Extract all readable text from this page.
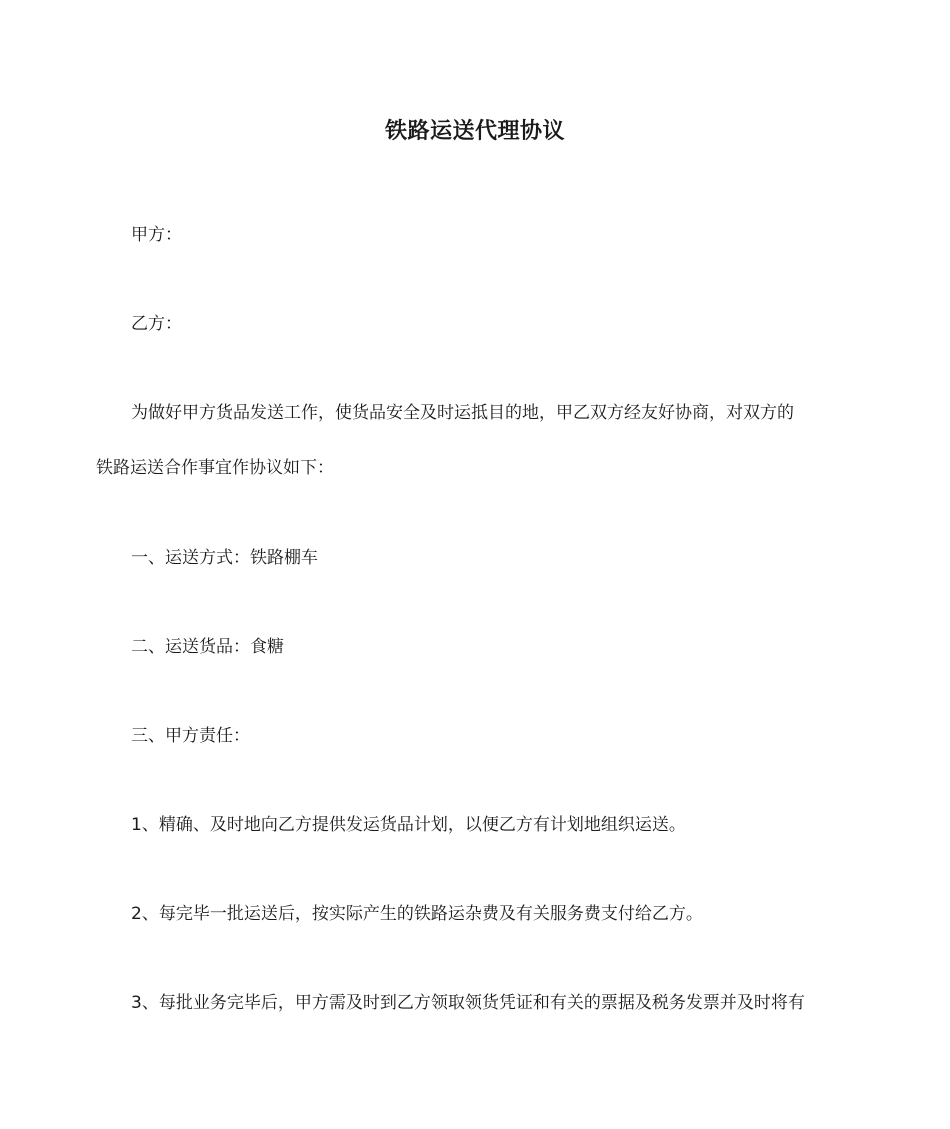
铁路运送代理协议
甲方：
乙方：
为做好甲方货品发送工作，使货品安全及时运抵目的地，甲乙双方经友好协商，对双方的
铁路运送合作事宜作协议如下：
一、运送方式：铁路棚车
二、运送货品：食糖
三、甲方责任：
1、精确、及时地向乙方提供发运货品计划，以便乙方有计划地组织运送。
2、每完毕一批运送后，按实际产生的铁路运杂费及有关服务费支付给乙方。
3、每批业务完毕后，甲方需及时到乙方领取领货凭证和有关的票据及税务发票并及时将有
